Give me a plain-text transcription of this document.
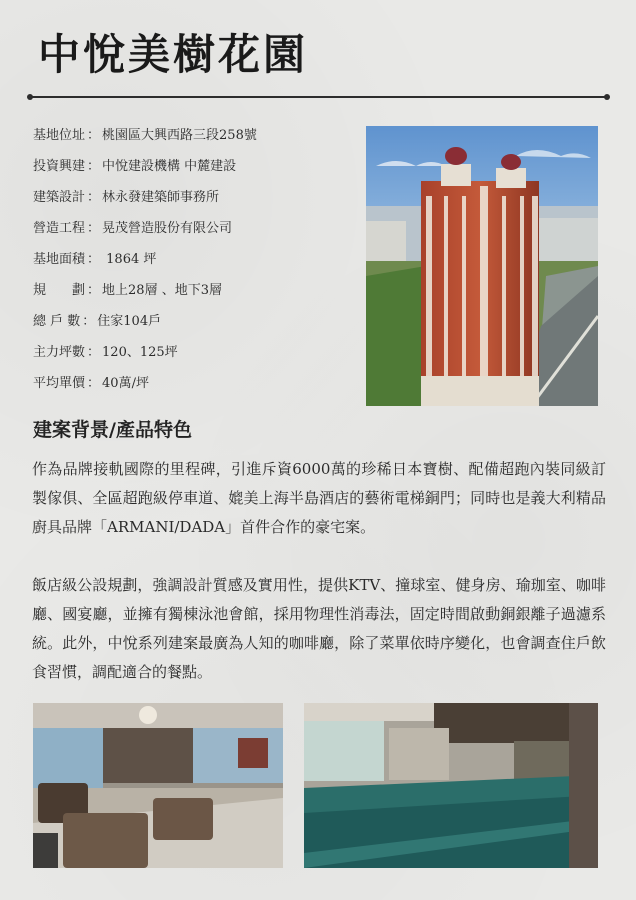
中悅美樹花園
基地位址 ： 桃園區大興西路三段258號
投資興建 ： 中悅建設機構 中麓建設
建築設計 ： 林永發建築師事務所
營造工程 ： 晃茂營造股份有限公司
基地面積 ： 1864 坪
規　　劃 ： 地上28層 、地下3層
總 戶 數 ： 住家104戶
主力坪數 ： 120、125坪
平均單價 ： 40萬/坪
建案背景/產品特色

作為品牌接軌國際的里程碑，引進斥資6000萬的珍稀日本寶樹、配備超跑內裝同級訂製傢俱、全區超跑級停車道、媲美上海半島酒店的藝術電梯銅門；同時也是義大利精品廚具品牌「ARMANI/DADA」首件合作的豪宅案。

飯店級公設規劃，強調設計質感及實用性，提供KTV、撞球室、健身房、瑜珈室、咖啡廳、國宴廳，並擁有獨棟泳池會館，採用物理性消毒法，固定時間啟動銅銀離子過濾系統。此外，中悅系列建案最廣為人知的咖啡廳，除了菜單依時序變化，也會調查住戶飲食習慣，調配適合的餐點。
